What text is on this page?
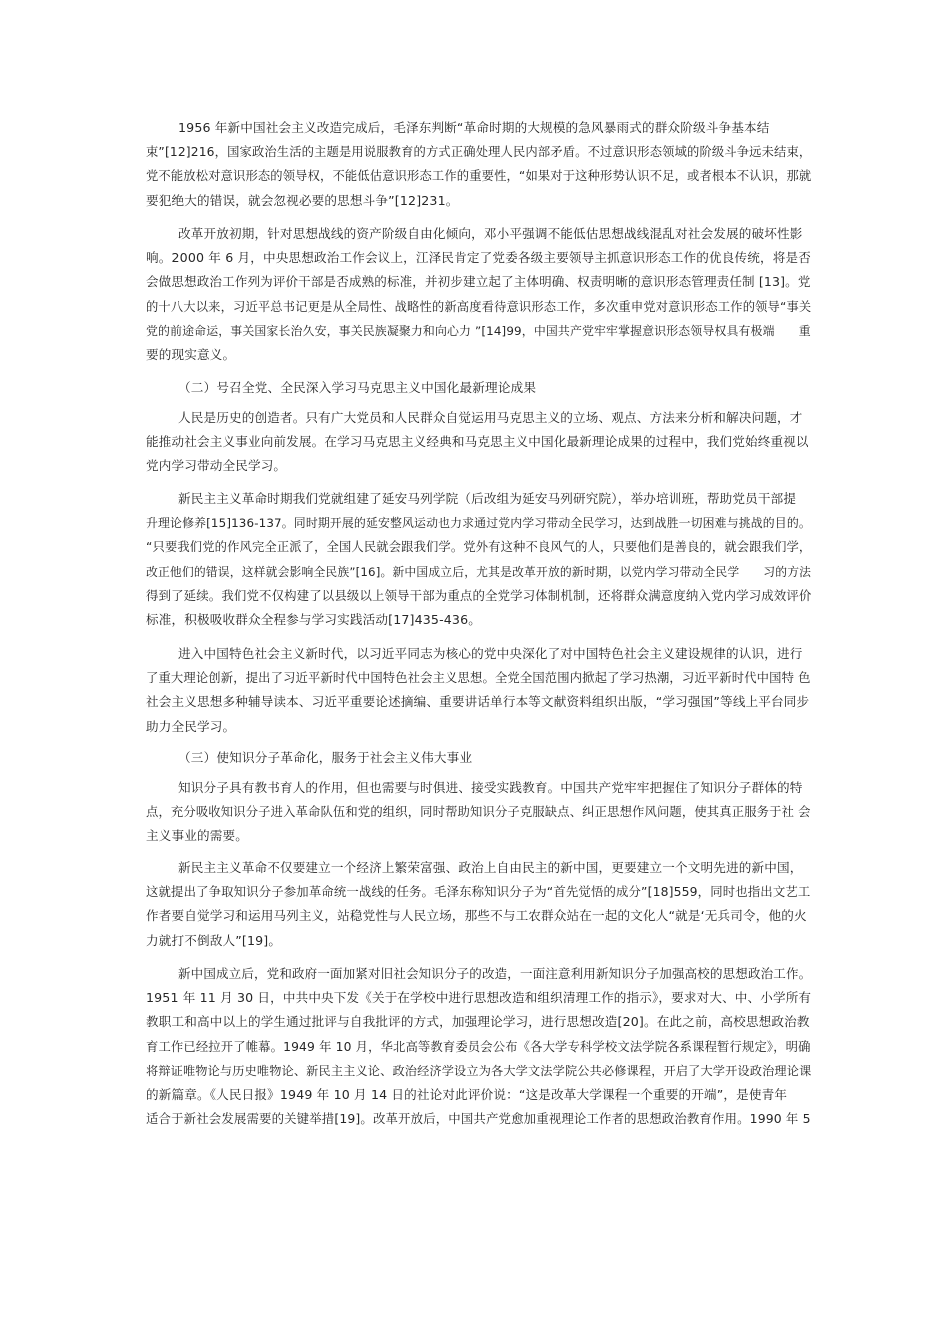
1956 年新中国社会主义改造完成后，毛泽东判断“革命时期的大规模的急风暴雨式的群众阶级斗争基本结
束”[12]216，国家政治生活的主题是用说服教育的方式正确处理人民内部矛盾。不过意识形态领域的阶级斗争远未结束，
党不能放松对意识形态的领导权，不能低估意识形态工作的重要性，“如果对于这种形势认识不足，或者根本不认识，那就
要犯绝大的错误，就会忽视必要的思想斗争”[12]231。
改革开放初期，针对思想战线的资产阶级自由化倾向，邓小平强调不能低估思想战线混乱对社会发展的破坏性影
响。2000 年 6 月，中央思想政治工作会议上，江泽民肯定了党委各级主要领导主抓意识形态工作的优良传统，将是否
会做思想政治工作列为评价干部是否成熟的标准，并初步建立起了主体明确、权责明晰的意识形态管理责任制 [13]。党
的十八大以来，习近平总书记更是从全局性、战略性的新高度看待意识形态工作，多次重申党对意识形态工作的领导“事关
党的前途命运，事关国家长治久安，事关民族凝聚力和向心力 ”[14]99，中国共产党牢牢掌握意识形态领导权具有极端　　重
要的现实意义。
（二）号召全党、全民深入学习马克思主义中国化最新理论成果
人民是历史的创造者。只有广大党员和人民群众自觉运用马克思主义的立场、观点、方法来分析和解决问题，才
能推动社会主义事业向前发展。在学习马克思主义经典和马克思主义中国化最新理论成果的过程中，我们党始终重视以
党内学习带动全民学习。
新民主主义革命时期我们党就组建了延安马列学院（后改组为延安马列研究院），举办培训班，帮助党员干部提
升理论修养[15]136-137。同时期开展的延安整风运动也力求通过党内学习带动全民学习，达到战胜一切困难与挑战的目的。
“只要我们党的作风完全正派了，全国人民就会跟我们学。党外有这种不良风气的人，只要他们是善良的，就会跟我们学，
改正他们的错误，这样就会影响全民族”[16]。新中国成立后，尤其是改革开放的新时期，以党内学习带动全民学　　习的方法
得到了延续。我们党不仅构建了以县级以上领导干部为重点的全党学习体制机制，还将群众满意度纳入党内学习成效评价
标准，积极吸收群众全程参与学习实践活动[17]435-436。
进入中国特色社会主义新时代，以习近平同志为核心的党中央深化了对中国特色社会主义建设规律的认识，进行
了重大理论创新，提出了习近平新时代中国特色社会主义思想。全党全国范围内掀起了学习热潮，习近平新时代中国特 色
社会主义思想多种辅导读本、习近平重要论述摘编、重要讲话单行本等文献资料组织出版，“学习强国”等线上平台同步
助力全民学习。
（三）使知识分子革命化，服务于社会主义伟大事业
知识分子具有教书育人的作用，但也需要与时俱进、接受实践教育。中国共产党牢牢把握住了知识分子群体的特
点，充分吸收知识分子进入革命队伍和党的组织，同时帮助知识分子克服缺点、纠正思想作风问题，使其真正服务于社 会
主义事业的需要。
新民主主义革命不仅要建立一个经济上繁荣富强、政治上自由民主的新中国，更要建立一个文明先进的新中国，
这就提出了争取知识分子参加革命统一战线的任务。毛泽东称知识分子为“首先觉悟的成分”[18]559，同时也指出文艺工
作者要自觉学习和运用马列主义，站稳党性与人民立场，那些不与工农群众站在一起的文化人“就是‘无兵司令，他的火
力就打不倒敌人”[19]。
新中国成立后，党和政府一面加紧对旧社会知识分子的改造，一面注意利用新知识分子加强高校的思想政治工作。
1951 年 11 月 30 日，中共中央下发《关于在学校中进行思想改造和组织清理工作的指示》，要求对大、中、小学所有
教职工和高中以上的学生通过批评与自我批评的方式，加强理论学习，进行思想改造[20]。在此之前，高校思想政治教
育工作已经拉开了帷幕。1949 年 10 月，华北高等教育委员会公布《各大学专科学校文法学院各系课程暂行规定》，明确
将辩证唯物论与历史唯物论、新民主主义论、政治经济学设立为各大学文法学院公共必修课程，开启了大学开设政治理论课
的新篇章。《人民日报》1949 年 10 月 14 日的社论对此评价说：“这是改革大学课程一个重要的开端”，是使青年
适合于新社会发展需要的关键举措[19]。改革开放后，中国共产党愈加重视理论工作者的思想政治教育作用。1990 年 5
